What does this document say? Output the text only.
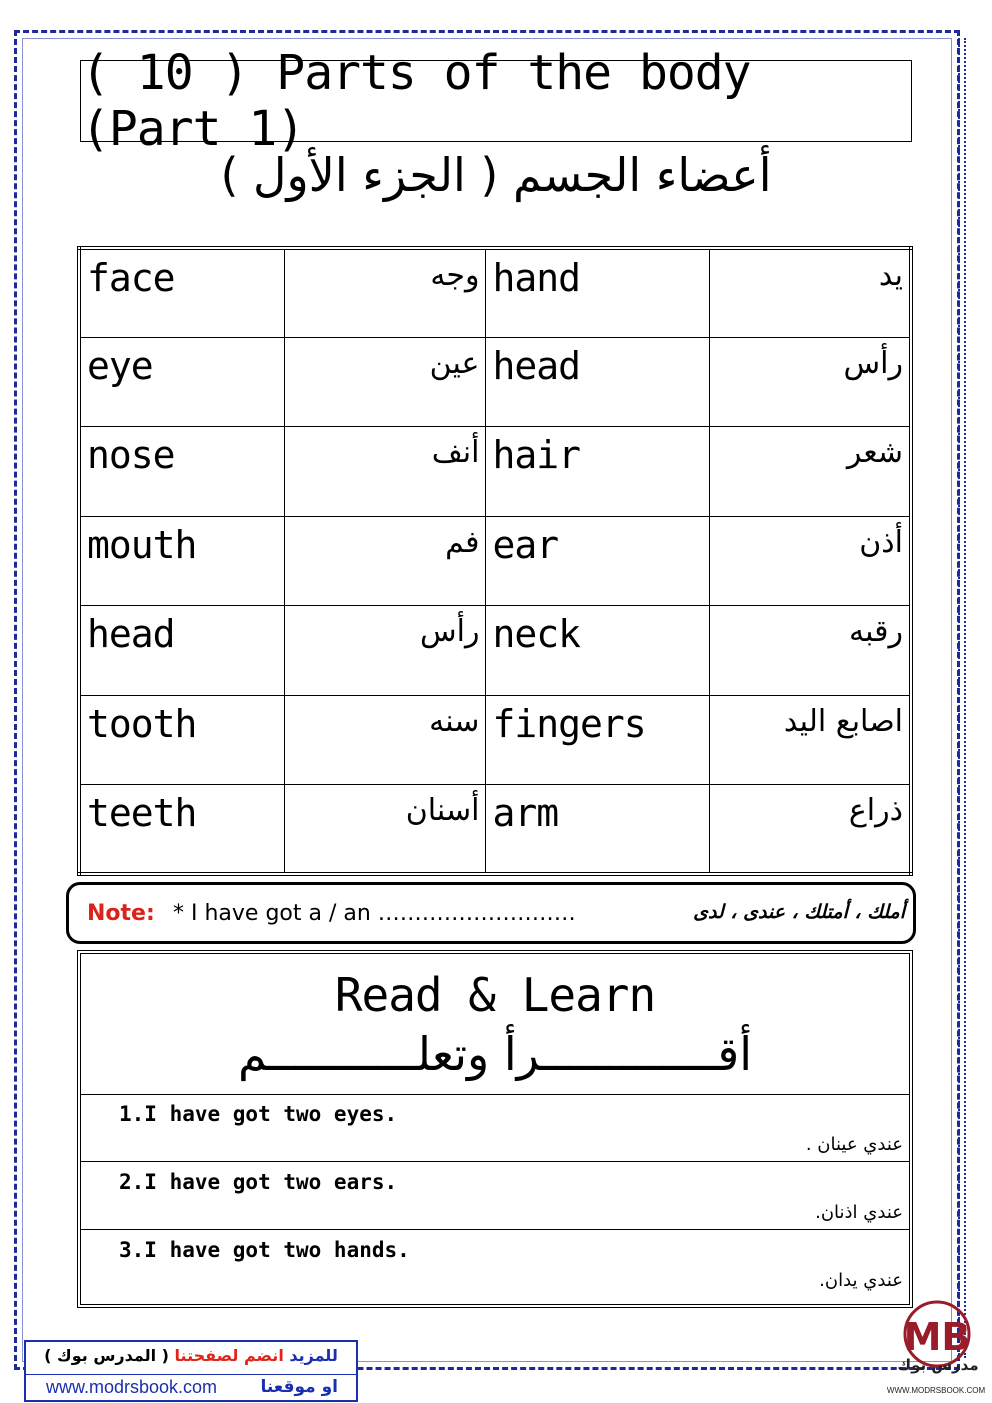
( 10 ) Parts of the body (Part 1)
أعضاء الجسم ( الجزء الأول )
face	وجه	hand	يد
eye	عين	head	رأس
nose	أنف	hair	شعر
mouth	فم	ear	أذن
head	رأس	neck	رقبه
tooth	سنه	fingers	اصابع اليد
teeth	أسنان	arm	ذراع
Note: * I have got a / an ………………………	أملك ، أمتلك ، عندى ، لدى
Read & Learn
أقـــــــــــــرأ وتعلـــــــــــم
1.I have got two eyes.
عندي عينان .
2.I have got two ears.
عندي اذنان.
3.I have got two hands.
عندي يدان.
للمزيد انضم لصفحتنا ( المدرس بوك )
www.modrsbook.com	او موقعنا
MB
مدرس بوك
WWW.MODRSBOOK.COM
